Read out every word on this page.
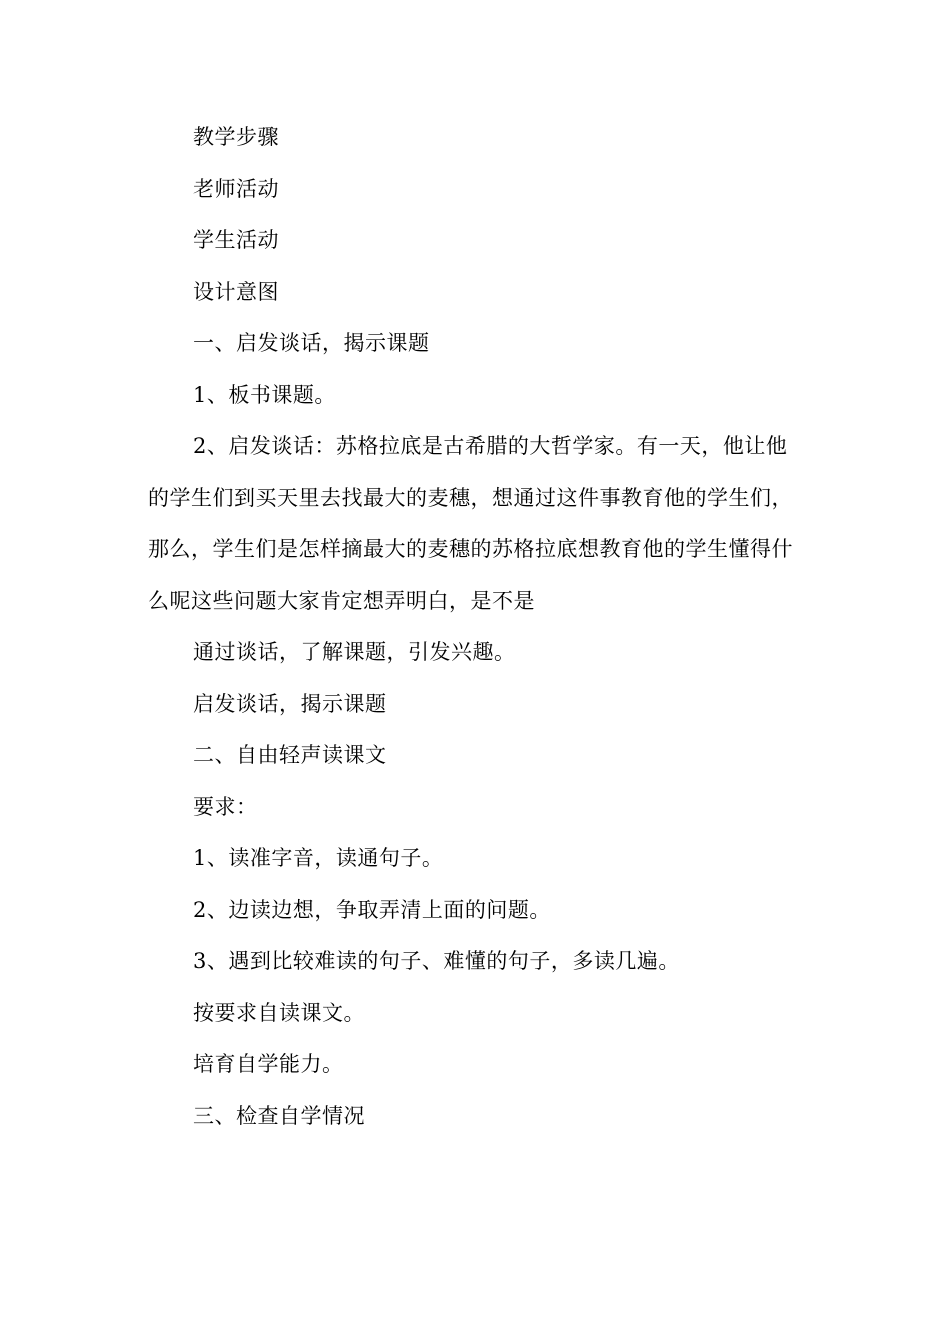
教学步骤

老师活动

学生活动

设计意图

一、启发谈话，揭示课题

1、板书课题。

2、启发谈话：苏格拉底是古希腊的大哲学家。有一天，他让他的学生们到买天里去找最大的麦穗，想通过这件事教育他的学生们，那么，学生们是怎样摘最大的麦穗的苏格拉底想教育他的学生懂得什么呢这些问题大家肯定想弄明白，是不是

通过谈话，了解课题，引发兴趣。

启发谈话，揭示课题

二、自由轻声读课文

要求：

1、读准字音，读通句子。

2、边读边想，争取弄清上面的问题。

3、遇到比较难读的句子、难懂的句子，多读几遍。

按要求自读课文。

培育自学能力。

三、检查自学情况
